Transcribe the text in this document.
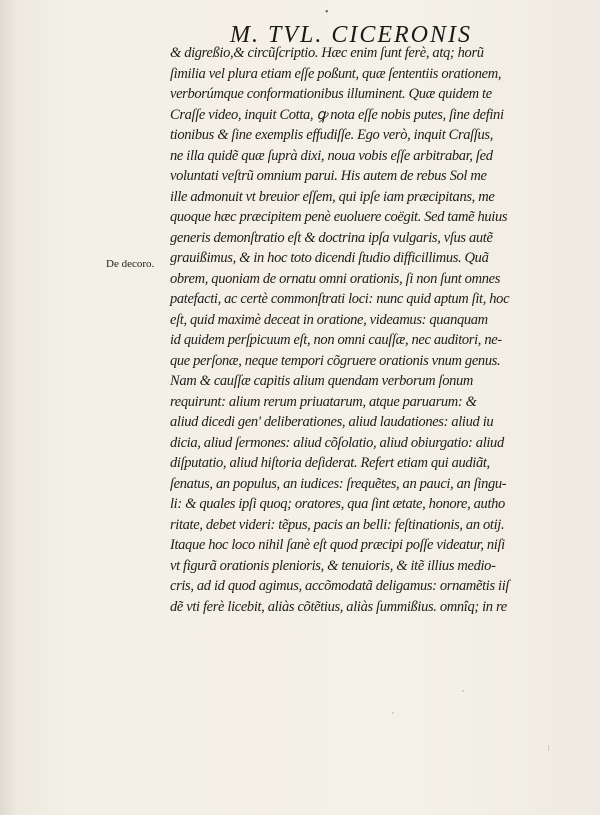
•
M. TVL. CICERONIS
De decoro.
& digreßio,& circũſcriptio. Hæc enim ſunt ferè, atq; horũ
ſimilia vel plura etiam eſſe poßunt, quæ ſententiis orationem,
verborúmque conformationibus illuminent. Quæ quidem te
Craſſe video, inquit Cotta, ꝙ nota eſſe nobis putes, ſine defini
tionibus & ſine exemplis effudiſſe. Ego verò, inquit Craſſus,
ne illa quidẽ quæ ſuprà dixi, noua vobis eſſe arbitrabar, ſed
voluntati veſtrũ omnium parui. His autem de rebus Sol me
ille admonuit vt breuior eſſem, qui ipſe iam præcipitans, me
quoque hæc præcipitem penè euoluere coëgit. Sed tamẽ huius
generis demonſtratio eſt & doctrina ipſa vulgaris, vſus autẽ
grauißimus, & in hoc toto dicendi ſtudio difficillimus. Quã
obrem, quoniam de ornatu omni orationis, ſi non ſunt omnes
patefacti, ac certè commonſtrati loci: nunc quid aptum ſit, hoc
eſt, quid maximè deceat in oratione, videamus: quanquam
id quidem perſpicuum eſt, non omni cauſſæ, nec auditori, ne-
que perſonæ, neque tempori cõgruere orationis vnum genus.
Nam & cauſſæ capitis alium quendam verborum ſonum
requirunt: alium rerum priuatarum, atque paruarum: &
aliud dicedi gen' deliberationes, aliud laudationes: aliud iu
dicia, aliud ſermones: aliud cõſolatio, aliud obiurgatio: aliud
diſputatio, aliud hiſtoria deſiderat. Refert etiam qui audiãt,
ſenatus, an populus, an iudices: ſrequẽtes, an pauci, an ſingu-
li: & quales ipſi quoq; oratores, qua ſint ætate, honore, autho
ritate, debet videri: tẽpus, pacis an belli: feſtinationis, an otij.
Itaque hoc loco nihil ſanè eſt quod præcipi poſſe videatur, niſi
vt figurã orationis plenioris, & tenuioris, & itẽ illius medio-
cris, ad id quod agimus, accõmodatã deligamus: ornamẽtis iiſ
dẽ vti ferè licebit, aliàs cõtẽtius, aliàs ſummißius. omnîq; in re
